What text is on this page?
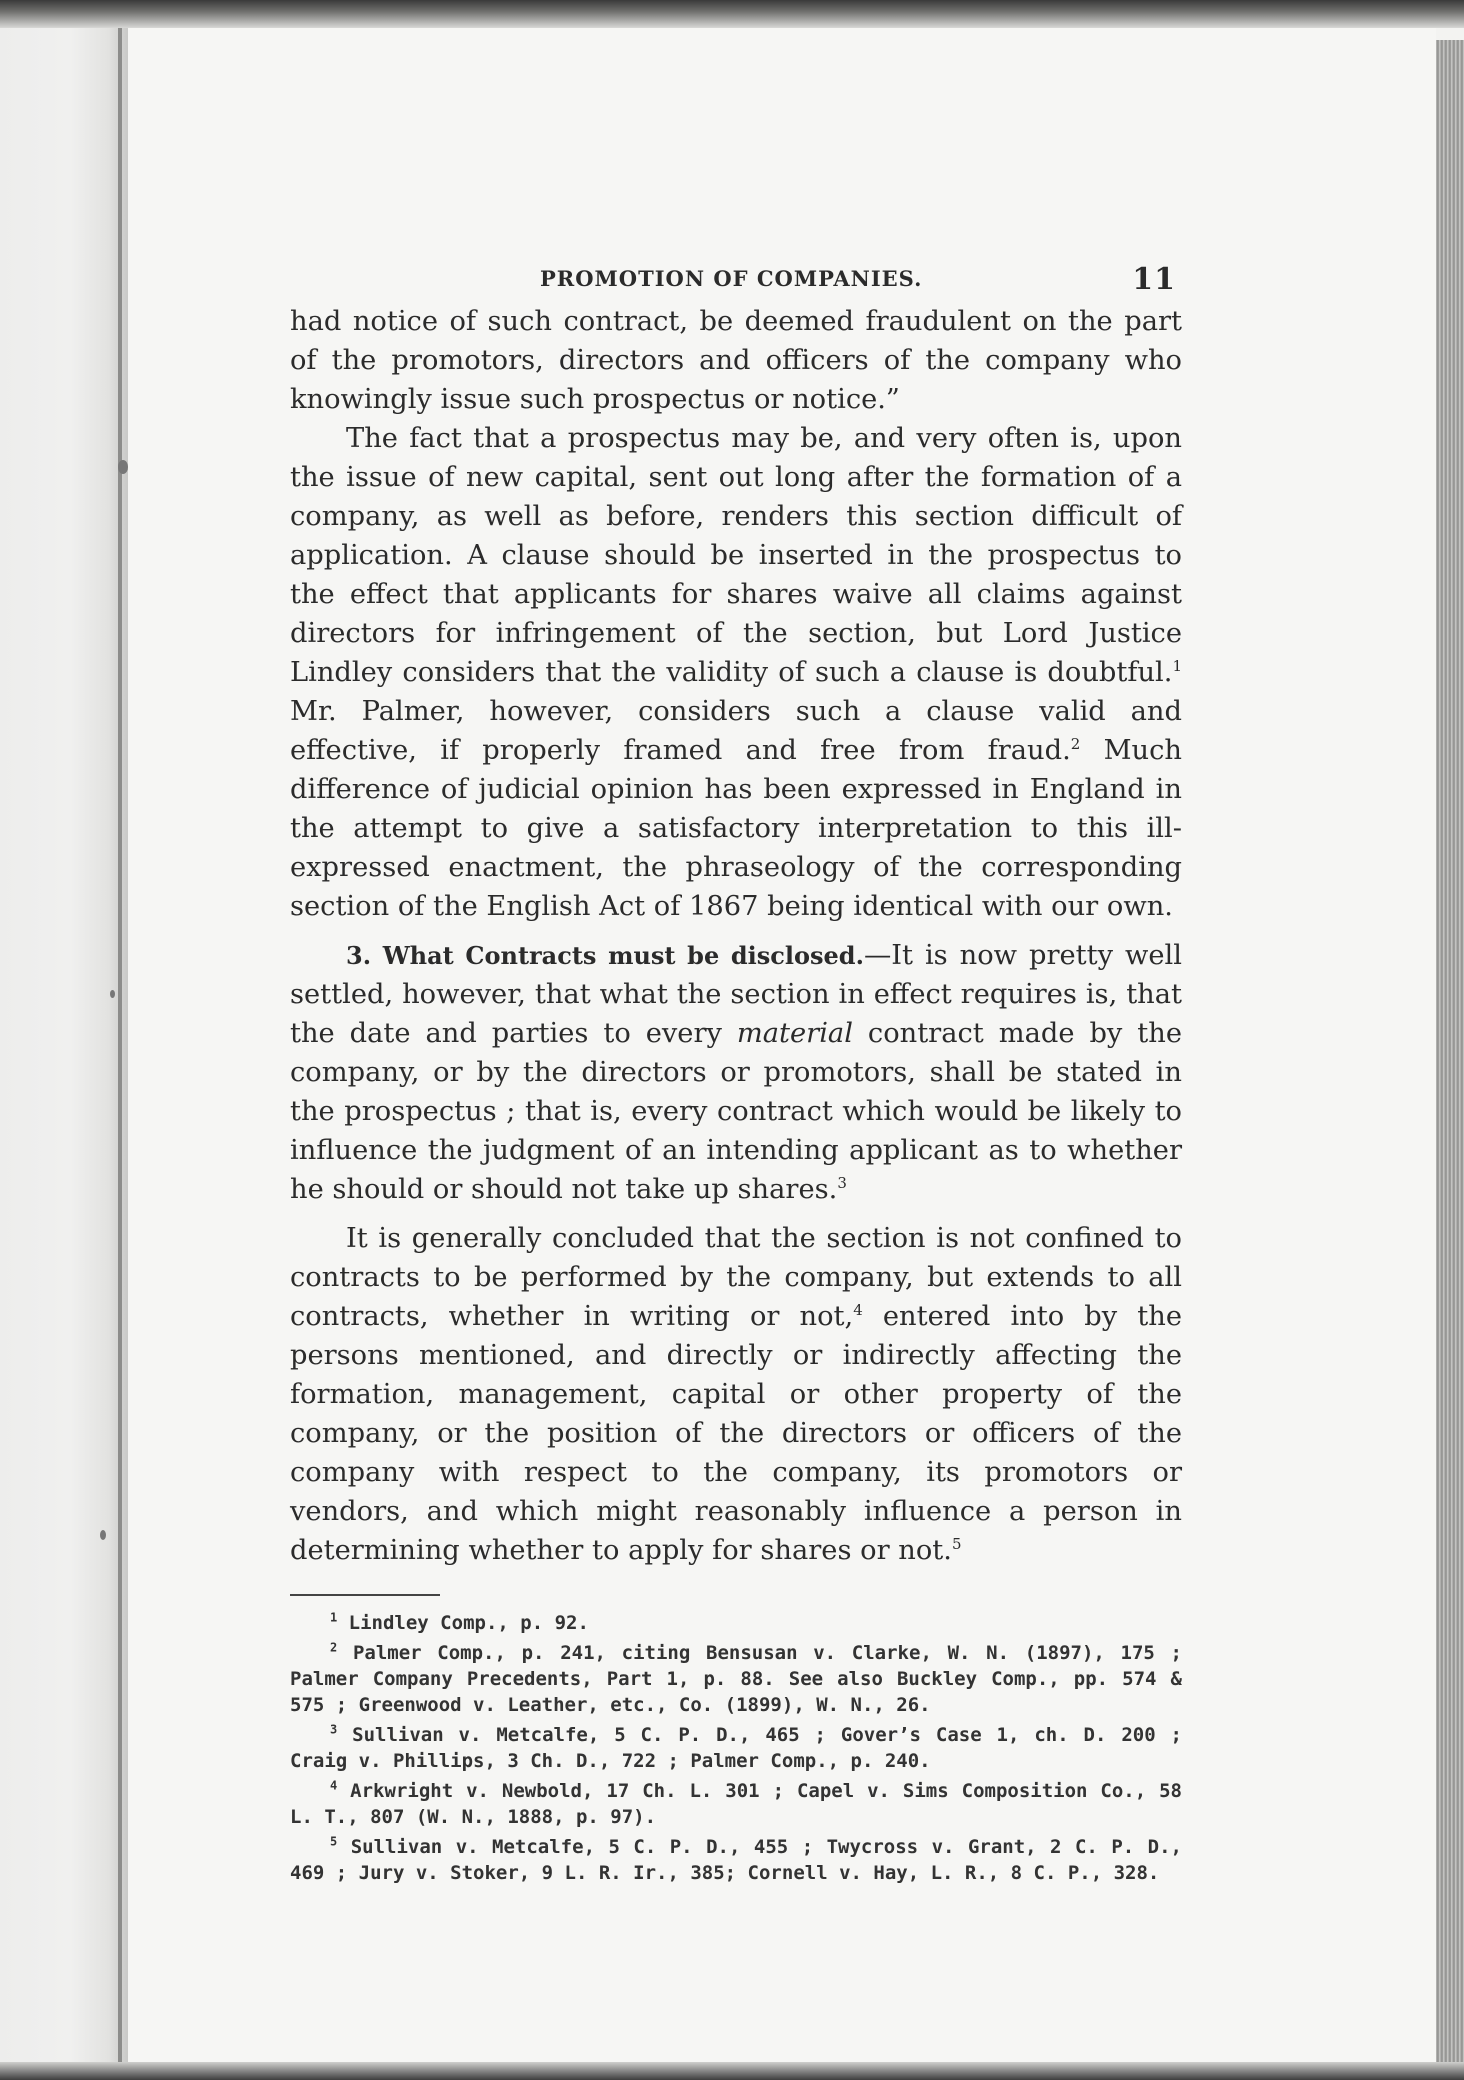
PROMOTION OF COMPANIES.	11

had notice of such contract, be deemed fraudulent on the part of the promotors, directors and officers of the company who knowingly issue such prospectus or notice.”

The fact that a prospectus may be, and very often is, upon the issue of new capital, sent out long after the formation of a company, as well as before, renders this section difficult of application. A clause should be inserted in the prospectus to the effect that applicants for shares waive all claims against directors for infringement of the section, but Lord Justice Lindley considers that the validity of such a clause is doubtful.$^1$ Mr. Palmer, however, considers such a clause valid and effective, if properly framed and free from fraud.$^2$ Much difference of judicial opinion has been expressed in England in the attempt to give a satisfactory interpretation to this ill-expressed enactment, the phraseology of the corresponding section of the English Act of 1867 being identical with our own.

3. What Contracts must be disclosed.—It is now pretty well settled, however, that what the section in effect requires is, that the date and parties to every material contract made by the company, or by the directors or promotors, shall be stated in the prospectus ; that is, every contract which would be likely to influence the judgment of an intending applicant as to whether he should or should not take up shares.$^3$

It is generally concluded that the section is not confined to contracts to be performed by the company, but extends to all contracts, whether in writing or not,$^4$ entered into by the persons mentioned, and directly or indirectly affecting the formation, management, capital or other property of the company, or the position of the directors or officers of the company with respect to the company, its promotors or vendors, and which might reasonably influence a person in determining whether to apply for shares or not.$^5$

$^1$ Lindley Comp., p. 92.

$^2$ Palmer Comp., p. 241, citing Bensusan v. Clarke, W. N. (1897), 175 ; Palmer Company Precedents, Part 1, p. 88. See also Buckley Comp., pp. 574 & 575 ; Greenwood v. Leather, etc., Co. (1899), W. N., 26.

$^3$ Sullivan v. Metcalfe, 5 C. P. D., 465 ; Gover’s Case 1, ch. D. 200 ; Craig v. Phillips, 3 Ch. D., 722 ; Palmer Comp., p. 240.

$^4$ Arkwright v. Newbold, 17 Ch. L. 301 ; Capel v. Sims Composition Co., 58 L. T., 807 (W. N., 1888, p. 97).

$^5$ Sullivan v. Metcalfe, 5 C. P. D., 455 ; Twycross v. Grant, 2 C. P. D., 469 ; Jury v. Stoker, 9 L. R. Ir., 385; Cornell v. Hay, L. R., 8 C. P., 328.
